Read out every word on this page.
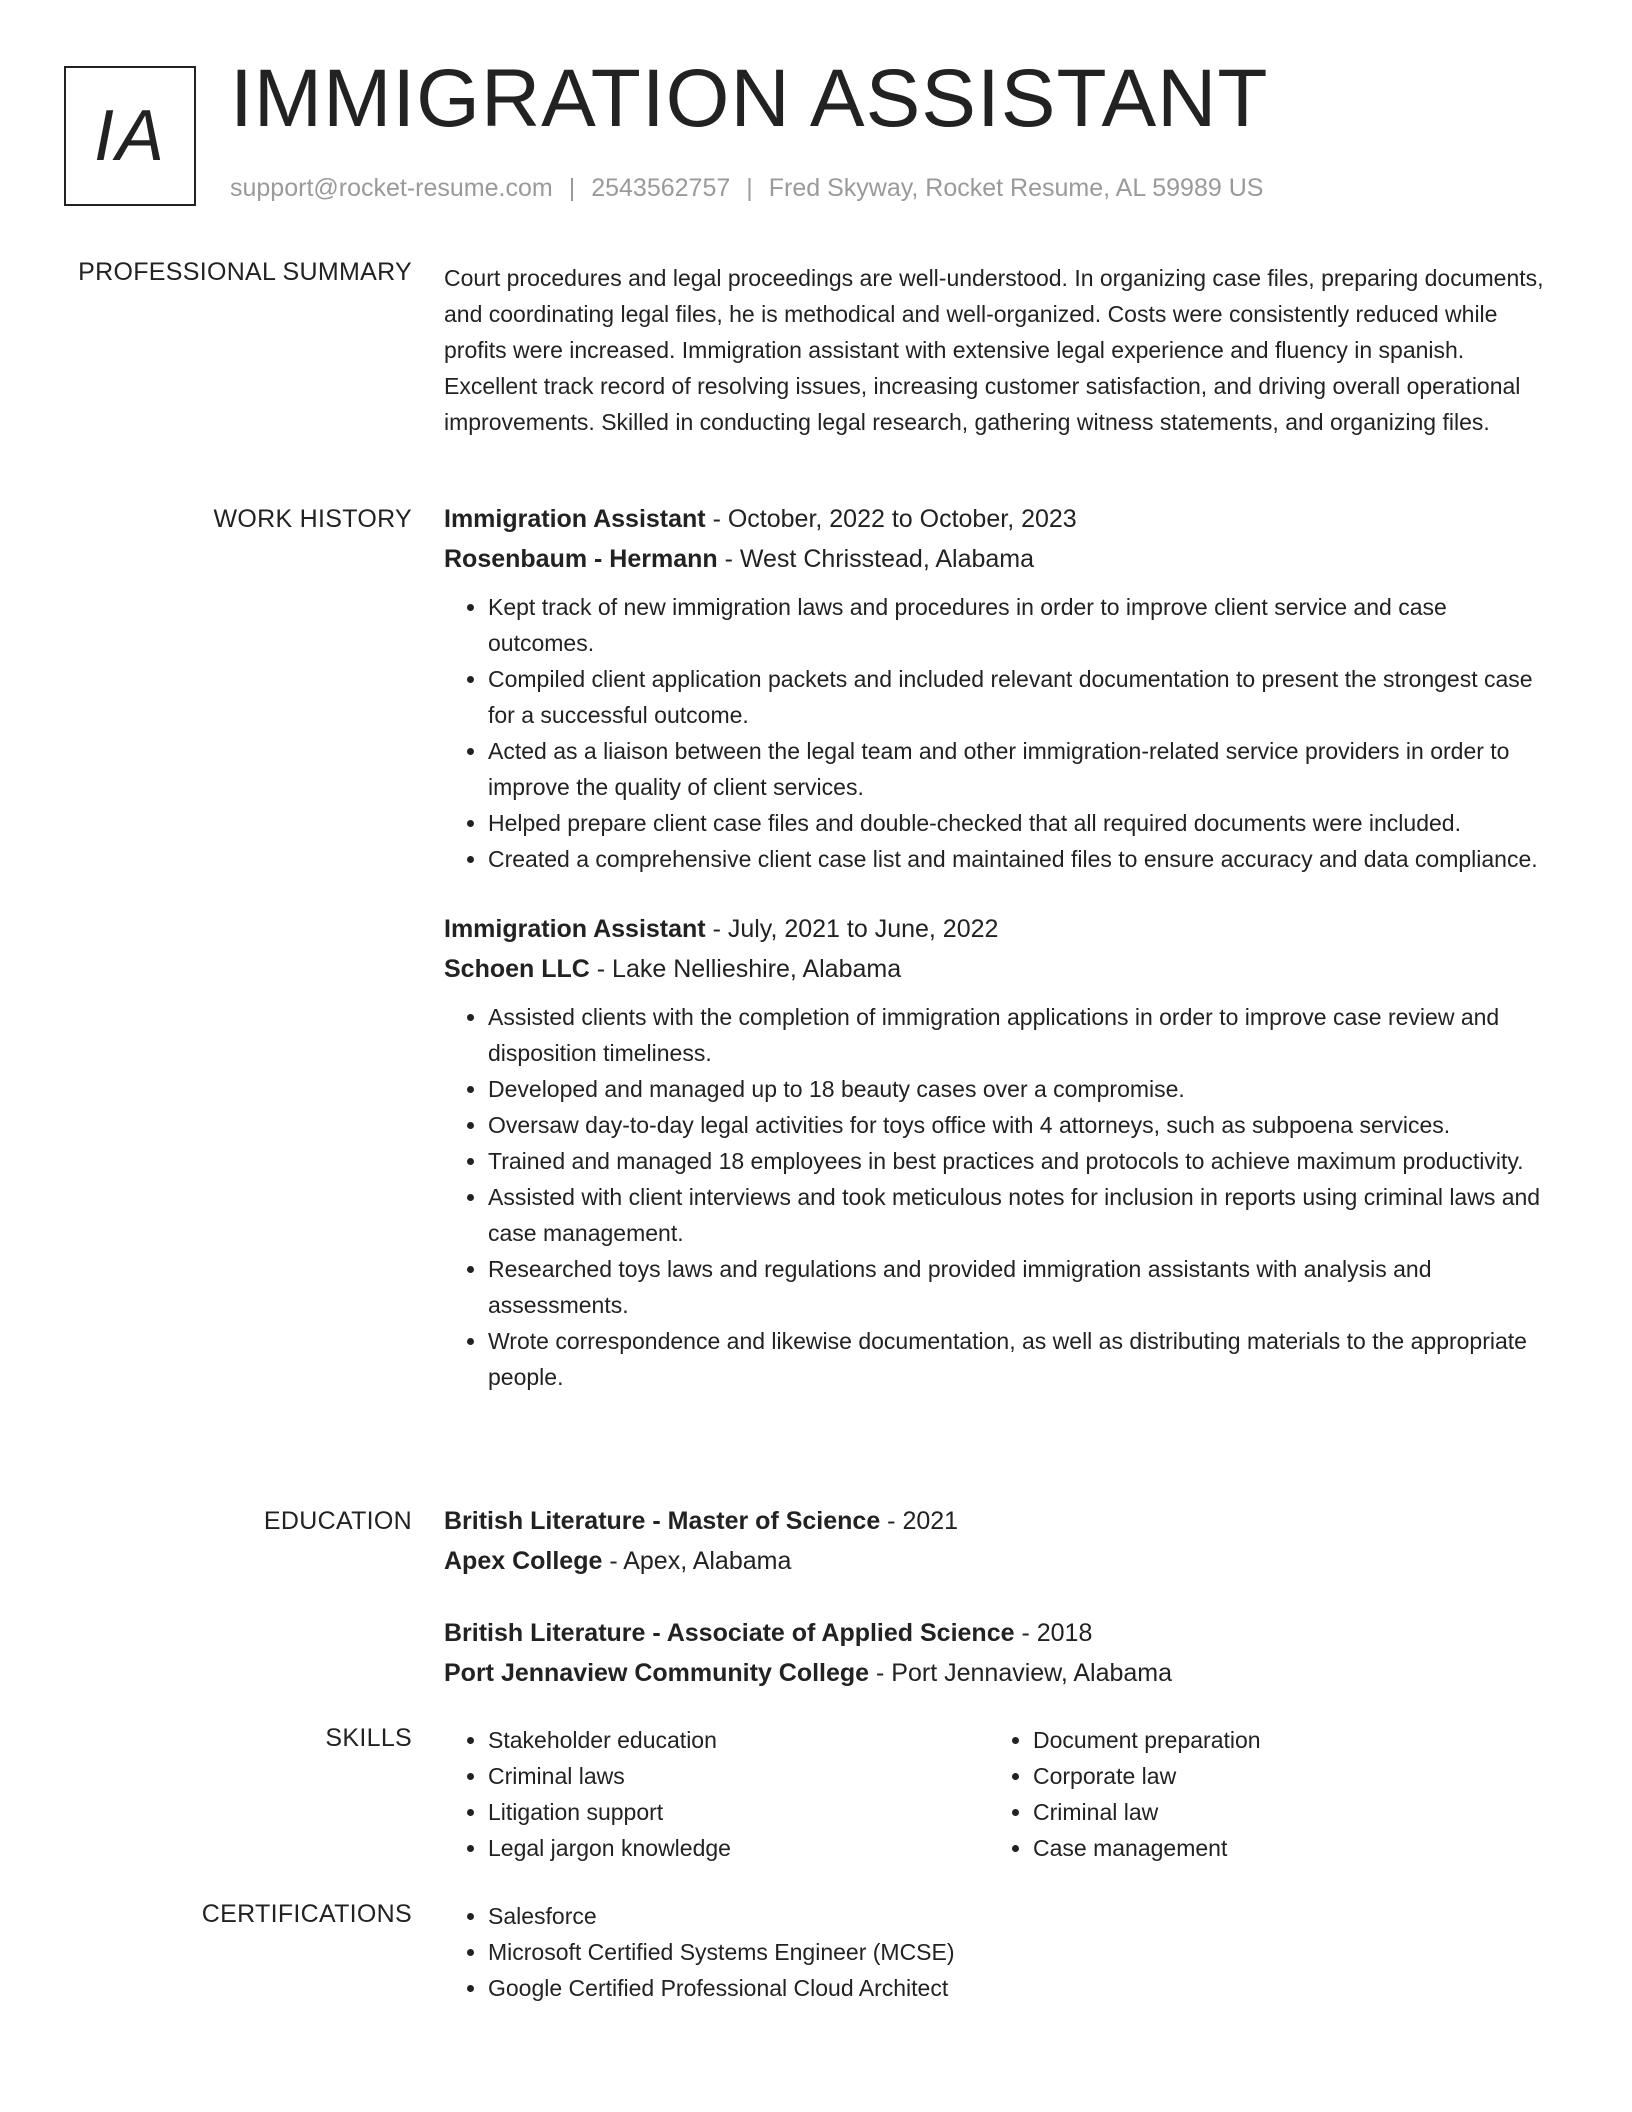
IA IMMIGRATION ASSISTANT
support@rocket-resume.com | 2543562757 | Fred Skyway, Rocket Resume, AL 59989 US
PROFESSIONAL SUMMARY Court procedures and legal proceedings are well-understood. In organizing case files, preparing documents, and coordinating legal files, he is methodical and well-organized. Costs were consistently reduced while profits were increased. Immigration assistant with extensive legal experience and fluency in spanish. Excellent track record of resolving issues, increasing customer satisfaction, and driving overall operational improvements. Skilled in conducting legal research, gathering witness statements, and organizing files.

WORK HISTORY Immigration Assistant - October, 2022 to October, 2023
Rosenbaum - Hermann - West Chrisstead, Alabama
• Kept track of new immigration laws and procedures in order to improve client service and case outcomes.
• Compiled client application packets and included relevant documentation to present the strongest case for a successful outcome.
• Acted as a liaison between the legal team and other immigration-related service providers in order to improve the quality of client services.
• Helped prepare client case files and double-checked that all required documents were included.
• Created a comprehensive client case list and maintained files to ensure accuracy and data compliance.
Immigration Assistant - July, 2021 to June, 2022
Schoen LLC - Lake Nellieshire, Alabama
• Assisted clients with the completion of immigration applications in order to improve case review and disposition timeliness.
• Developed and managed up to 18 beauty cases over a compromise.
• Oversaw day-to-day legal activities for toys office with 4 attorneys, such as subpoena services.
• Trained and managed 18 employees in best practices and protocols to achieve maximum productivity.
• Assisted with client interviews and took meticulous notes for inclusion in reports using criminal laws and case management.
• Researched toys laws and regulations and provided immigration assistants with analysis and assessments.
• Wrote correspondence and likewise documentation, as well as distributing materials to the appropriate people.
EDUCATION British Literature - Master of Science - 2021
Apex College - Apex, Alabama
British Literature - Associate of Applied Science - 2018
Port Jennaview Community College - Port Jennaview, Alabama
SKILLS	• Stakeholder education
• Criminal laws
• Litigation support
• Legal jargon knowledge
• Document preparation
• Corporate law
• Criminal law
• Case management
CERTIFICATIONS	• Salesforce
• Microsoft Certified Systems Engineer (MCSE)
• Google Certified Professional Cloud Architect
